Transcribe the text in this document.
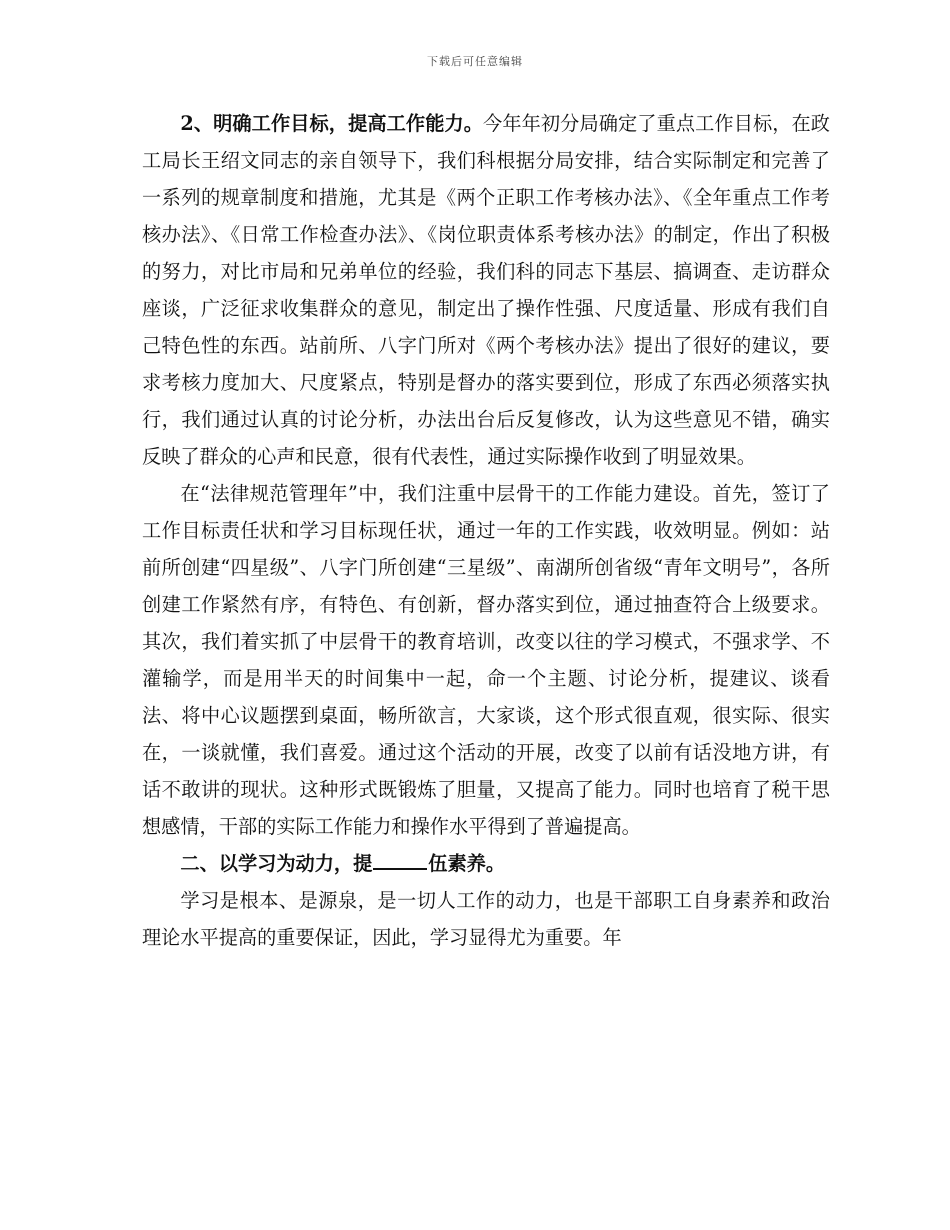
下载后可任意编辑

2、明确工作目标，提高工作能力。今年年初分局确定了重点工作目标，在政工局长王绍文同志的亲自领导下，我们科根据分局安排，结合实际制定和完善了一系列的规章制度和措施，尤其是《两个正职工作考核办法》、《全年重点工作考核办法》、《日常工作检查办法》、《岗位职责体系考核办法》的制定，作出了积极的努力，对比市局和兄弟单位的经验，我们科的同志下基层、搞调查、走访群众座谈，广泛征求收集群众的意见，制定出了操作性强、尺度适量、形成有我们自己特色性的东西。站前所、八字门所对《两个考核办法》提出了很好的建议，要求考核力度加大、尺度紧点，特别是督办的落实要到位，形成了东西必须落实执行，我们通过认真的讨论分析，办法出台后反复修改，认为这些意见不错，确实反映了群众的心声和民意，很有代表性，通过实际操作收到了明显效果。

在“法律规范管理年”中，我们注重中层骨干的工作能力建设。首先，签订了工作目标责任状和学习目标现任状，通过一年的工作实践，收效明显。例如：站前所创建“四星级”、八字门所创建“三星级”、南湖所创省级“青年文明号”，各所创建工作紧然有序，有特色、有创新，督办落实到位，通过抽查符合上级要求。其次，我们着实抓了中层骨干的教育培训，改变以往的学习模式，不强求学、不灌输学，而是用半天的时间集中一起，命一个主题、讨论分析，提建议、谈看法、将中心议题摆到桌面，畅所欲言，大家谈，这个形式很直观，很实际、很实在，一谈就懂，我们喜爱。通过这个活动的开展，改变了以前有话没地方讲，有话不敢讲的现状。这种形式既锻炼了胆量，又提高了能力。同时也培育了税干思想感情，干部的实际工作能力和操作水平得到了普遍提高。

二、以学习为动力，提	伍素养。

学习是根本、是源泉，是一切人工作的动力，也是干部职工自身素养和政治理论水平提高的重要保证，因此，学习显得尤为重要。年
